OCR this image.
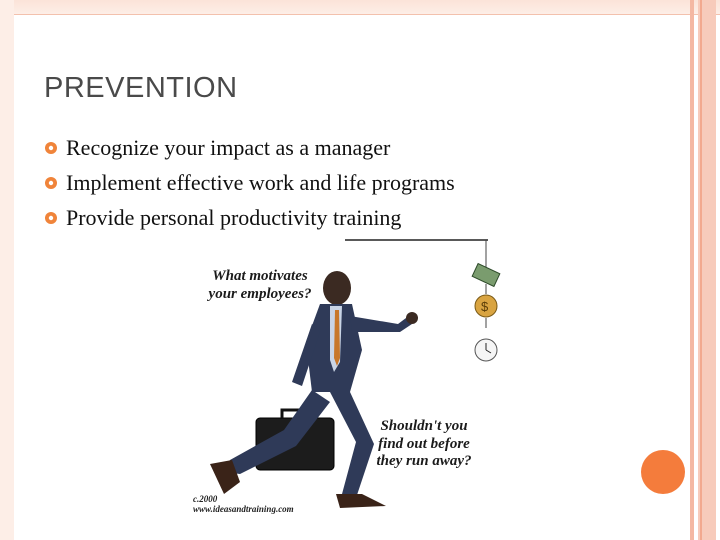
PREVENTION
Recognize your impact as a manager
Implement effective work and life programs
Provide personal productivity training
$
What motivates
your employees?
Shouldn't you
find out before
they run away?
c.2000
www.ideasandtraining.com
